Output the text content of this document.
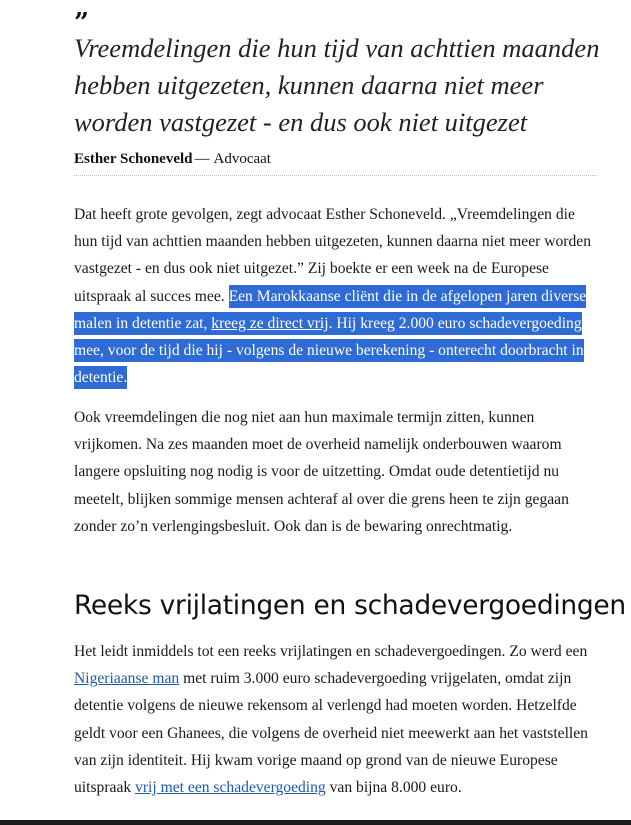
”

Vreemdelingen die hun tijd van achttien maanden hebben uitgezeten, kunnen daarna niet meer worden vastgezet - en dus ook niet uitgezet

Esther Schoneveld — Advocaat

Dat heeft grote gevolgen, zegt advocaat Esther Schoneveld. „Vreemdelingen die hun tijd van achttien maanden hebben uitgezeten, kunnen daarna niet meer worden vastgezet - en dus ook niet uitgezet.” Zij boekte er een week na de Europese uitspraak al succes mee. Een Marokkaanse cliënt die in de afgelopen jaren diverse malen in detentie zat, kreeg ze direct vrij. Hij kreeg 2.000 euro schadevergoeding mee, voor de tijd die hij - volgens de nieuwe berekening - onterecht doorbracht in detentie.

Ook vreemdelingen die nog niet aan hun maximale termijn zitten, kunnen vrijkomen. Na zes maanden moet de overheid namelijk onderbouwen waarom langere opsluiting nog nodig is voor de uitzetting. Omdat oude detentietijd nu meetelt, blijken sommige mensen achteraf al over die grens heen te zijn gegaan zonder zo’n verlengingsbesluit. Ook dan is de bewaring onrechtmatig.

Reeks vrijlatingen en schadevergoedingen

Het leidt inmiddels tot een reeks vrijlatingen en schadevergoedingen. Zo werd een Nigeriaanse man met ruim 3.000 euro schadevergoeding vrijgelaten, omdat zijn detentie volgens de nieuwe rekensom al verlengd had moeten worden. Hetzelfde geldt voor een Ghanees, die volgens de overheid niet meewerkt aan het vaststellen van zijn identiteit. Hij kwam vorige maand op grond van de nieuwe Europese uitspraak vrij met een schadevergoeding van bijna 8.000 euro.
